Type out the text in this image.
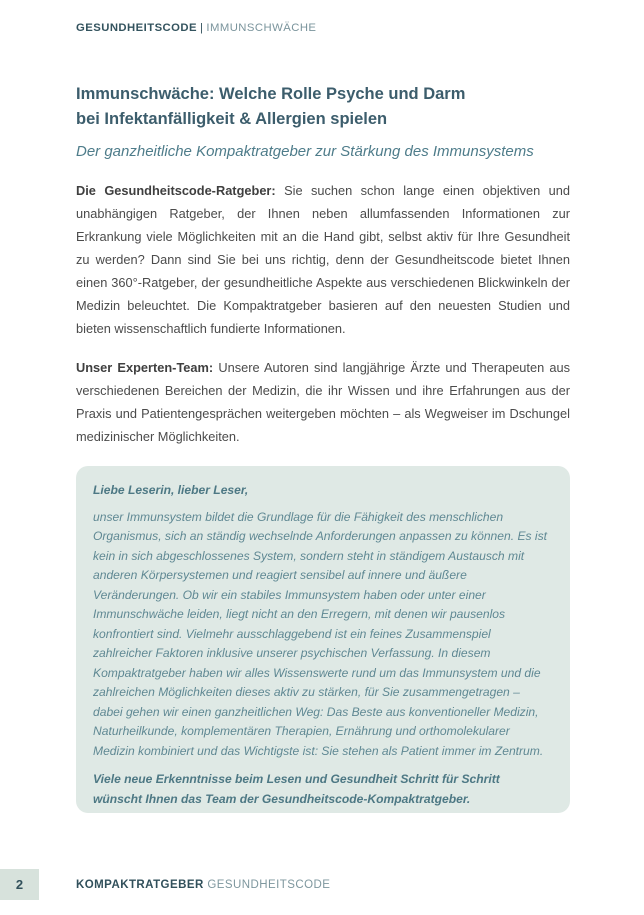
GESUNDHEITSCODE | IMMUNSCHWÄCHE
Immunschwäche: Welche Rolle Psyche und Darm
bei Infektanfälligkeit & Allergien spielen
Der ganzheitliche Kompaktratgeber zur Stärkung des Immunsystems

Die Gesundheitscode-Ratgeber: Sie suchen schon lange einen objektiven und unabhängigen Ratgeber, der Ihnen neben allumfassenden Informationen zur Erkrankung viele Möglichkeiten mit an die Hand gibt, selbst aktiv für Ihre Gesundheit zu werden? Dann sind Sie bei uns richtig, denn der Gesundheitscode bietet Ihnen einen 360°-Ratgeber, der gesundheitliche Aspekte aus verschiedenen Blickwinkeln der Medizin beleuchtet. Die Kompaktratgeber basieren auf den neuesten Studien und bieten wissenschaftlich fundierte Informationen.

Unser Experten-Team: Unsere Autoren sind langjährige Ärzte und Therapeuten aus verschiedenen Bereichen der Medizin, die ihr Wissen und ihre Erfahrungen aus der Praxis und Patientengesprächen weitergeben möchten – als Wegweiser im Dschungel medizinischer Möglichkeiten.

Liebe Leserin, lieber Leser,

unser Immunsystem bildet die Grundlage für die Fähigkeit des menschlichen Organismus, sich an ständig wechselnde Anforderungen anpassen zu können. Es ist kein in sich abgeschlossenes System, sondern steht in ständigem Austausch mit anderen Körpersystemen und reagiert sensibel auf innere und äußere Veränderungen. Ob wir ein stabiles Immunsystem haben oder unter einer Immunschwäche leiden, liegt nicht an den Erregern, mit denen wir pausenlos konfrontiert sind. Vielmehr ausschlaggebend ist ein feines Zusammenspiel zahlreicher Faktoren inklusive unserer psychischen Verfassung. In diesem Kompaktratgeber haben wir alles Wissenswerte rund um das Immunsystem und die zahlreichen Möglichkeiten dieses aktiv zu stärken, für Sie zusammengetragen – dabei gehen wir einen ganzheitlichen Weg: Das Beste aus konventioneller Medizin, Naturheilkunde, komplementären Therapien, Ernährung und orthomolekularer Medizin kombiniert und das Wichtigste ist: Sie stehen als Patient immer im Zentrum.

Viele neue Erkenntnisse beim Lesen und Gesundheit Schritt für Schritt wünscht Ihnen das Team der Gesundheitscode-Kompaktratgeber.

2	KOMPAKTRATGEBER GESUNDHEITSCODE
